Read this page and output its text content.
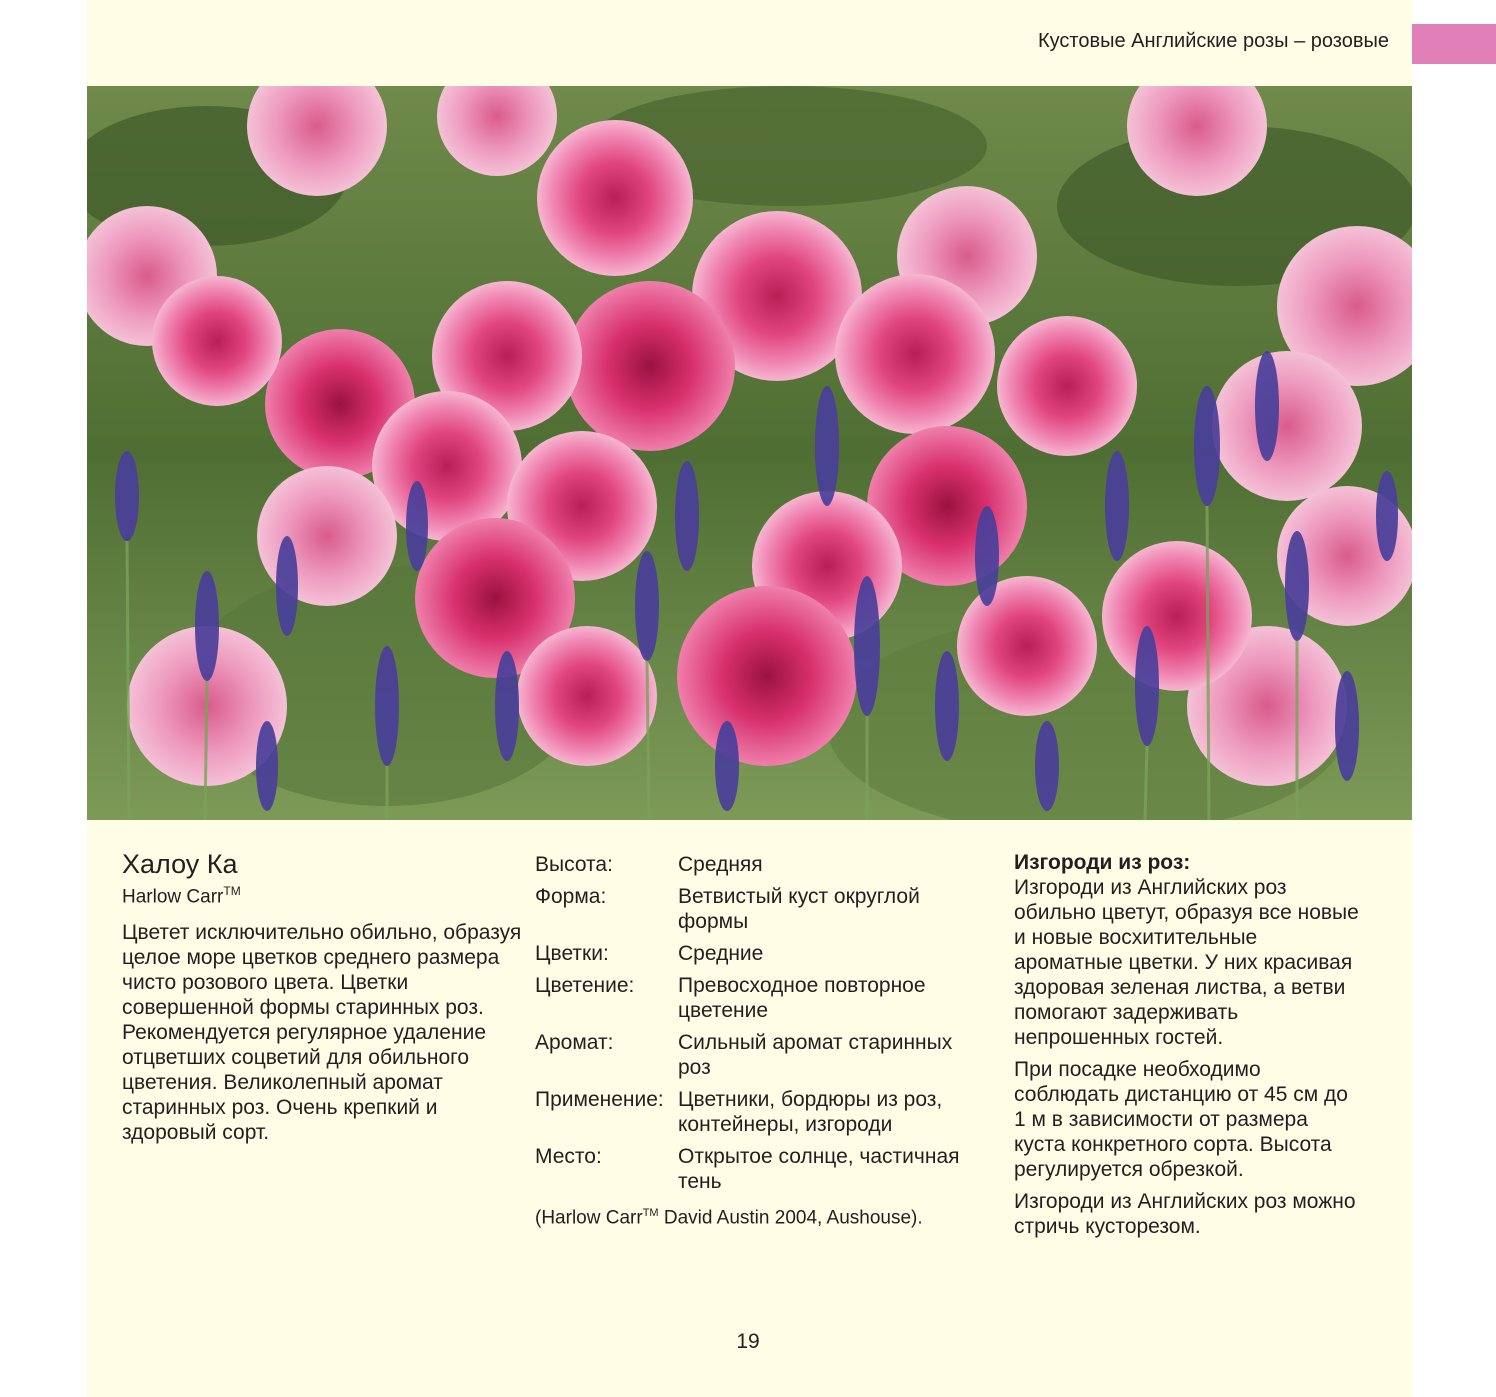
Кустовые Английские розы – розовые
Халоу Ка
Harlow Carr™
Цветет исключительно обильно, образуя целое море цветков среднего размера чисто розового цвета. Цветки совершенной формы старинных роз. Рекомендуется регулярное удаление отцветших соцветий для обильного цветения. Великолепный аромат старинных роз. Очень крепкий и здоровый сорт.
Высота:	Средняя
Форма:	Ветвистый куст округлой формы
Цветки:	Средние
Цветение:	Превосходное повторное цветение
Аромат:	Сильный аромат старинных роз
Применение: Цветники, бордюры из роз, контейнеры, изгороди
Место:	Открытое солнце, частичная тень
(Harlow Carr™ David Austin 2004, Aushouse).
Изгороди из роз:

Изгороди из Английских роз обильно цветут, образуя все новые и новые восхитительные ароматные цветки. У них красивая здоровая зеленая листва, а ветви помогают задерживать непрошенных гостей.

При посадке необходимо соблюдать дистанцию от 45 см до 1 м в зависимости от размера куста конкретного сорта. Высота регулируется обрезкой.

Изгороди из Английских роз можно стричь кусторезом.

19
